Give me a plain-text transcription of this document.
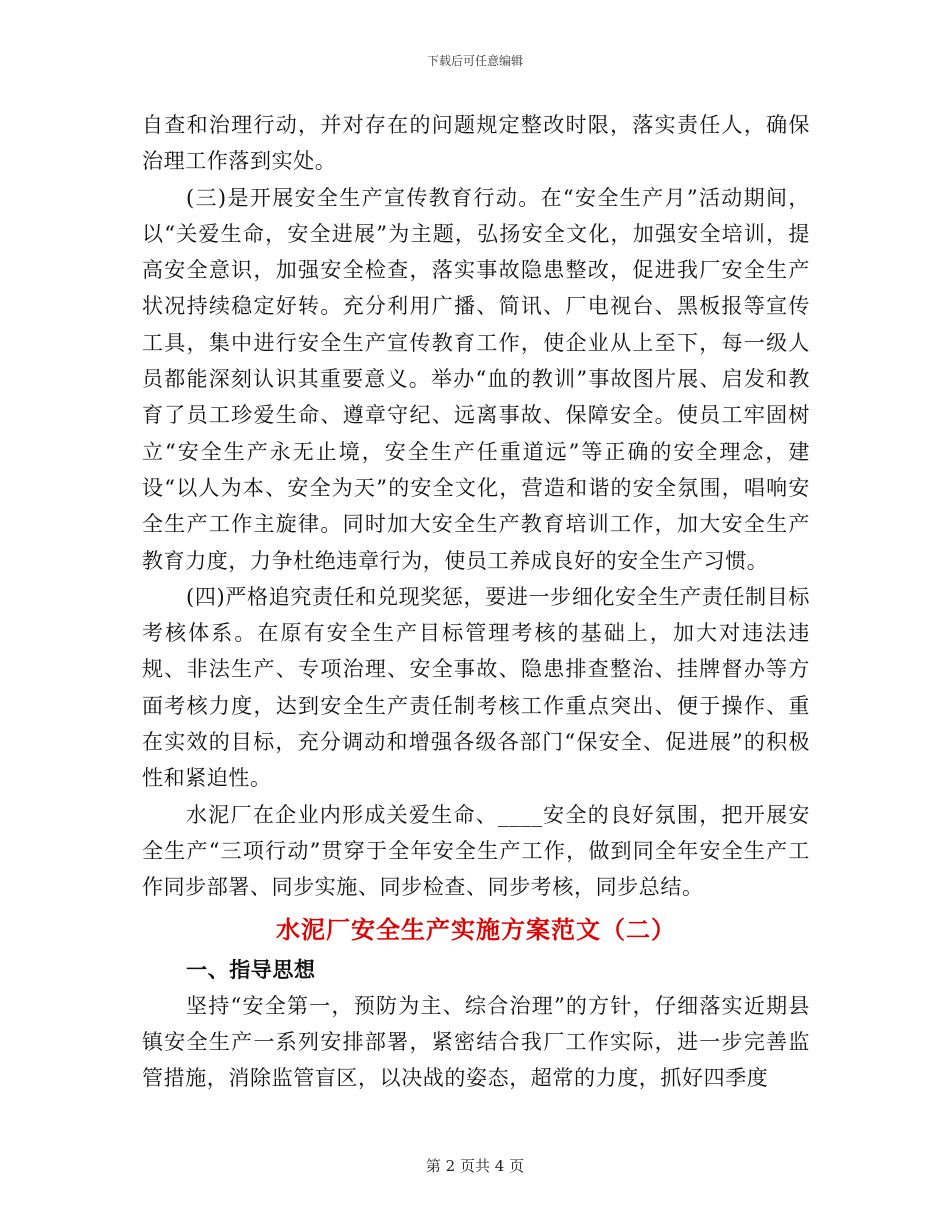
下载后可任意编辑

自查和治理行动，并对存在的问题规定整改时限，落实责任人，确保治理工作落到实处。

(三)是开展安全生产宣传教育行动。在“安全生产月”活动期间，以“关爱生命，安全进展”为主题，弘扬安全文化，加强安全培训，提高安全意识，加强安全检查，落实事故隐患整改，促进我厂安全生产状况持续稳定好转。充分利用广播、简讯、厂电视台、黑板报等宣传工具，集中进行安全生产宣传教育工作，使企业从上至下，每一级人员都能深刻认识其重要意义。举办“血的教训”事故图片展、启发和教育了员工珍爱生命、遵章守纪、远离事故、保障安全。使员工牢固树立“安全生产永无止境，安全生产任重道远”等正确的安全理念，建设“以人为本、安全为天”的安全文化，营造和谐的安全氛围，唱响安全生产工作主旋律。同时加大安全生产教育培训工作，加大安全生产教育力度，力争杜绝违章行为，使员工养成良好的安全生产习惯。

(四)严格追究责任和兑现奖惩，要进一步细化安全生产责任制目标考核体系。在原有安全生产目标管理考核的基础上，加大对违法违规、非法生产、专项治理、安全事故、隐患排查整治、挂牌督办等方面考核力度，达到安全生产责任制考核工作重点突出、便于操作、重在实效的目标，充分调动和增强各级各部门“保安全、促进展”的积极性和紧迫性。

水泥厂在企业内形成关爱生命、____安全的良好氛围，把开展安全生产“三项行动”贯穿于全年安全生产工作，做到同全年安全生产工作同步部署、同步实施、同步检查、同步考核，同步总结。

水泥厂安全生产实施方案范文（二）

一、指导思想

坚持“安全第一，预防为主、综合治理”的方针，仔细落实近期县镇安全生产一系列安排部署，紧密结合我厂工作实际，进一步完善监管措施，消除监管盲区，以决战的姿态，超常的力度，抓好四季度

第 2 页共 4 页
